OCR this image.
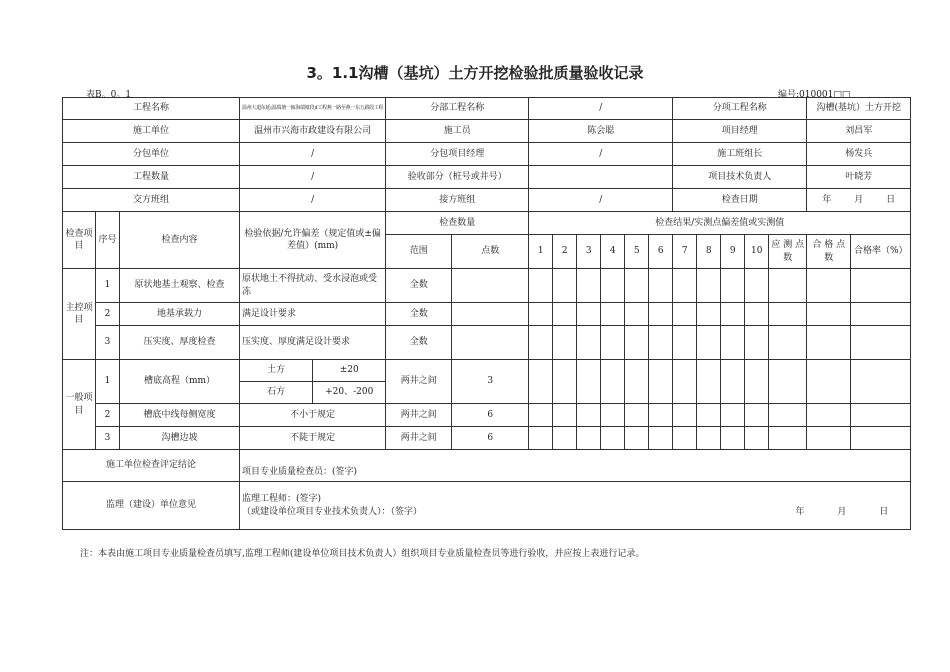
3。1.1沟槽（基坑）土方开挖检验批质量验收记录
表B。0。1	编号:010001□□
工程名称			温州大道东延(温瑞塘一瓯海瑞塘段)I工程燕一路至燕一东五路段工程	分部工程名称		/						分项工程名称					沟槽(基坑）土方开挖	
施工单位			温州市兴海市政建设有限公司	施工员		陈会聪						项目经理					刘昌军	
分包单位			/	分包项目经理		/						施工班组长					杨发兵	
工程数量			/	验收部分（桩号或井号）								项目技术负责人					叶晓芳	
交方班组			/	接方班组		/						检查日期					年 月 日	
检查项目	序号	检查内容	检验依据/允许偏差（规定值或±偏差值）(mm)	检查数量		检查结果/实测点偏差值或实测值												
				范围	点数	1	2	3	4	5	6	7	8	9	10	应 测 点 数	合 格 点 数	合格率（%）
主控项目	1	原状地基土观察、检查	原状地土不得扰动、受水浸泡或受冻	全数														
	2	地基承载力	满足设计要求	全数														
	3	压实度、厚度检查	压实度、厚度满足设计要求	全数														
一般项目	1	槽底高程（mm）	土方 ±20	两井之间	3													

			石方 +20、-200															

	2	槽底中线每侧宽度	不小于规定	两井之间	6													
	3	沟槽边坡	不陡于规定	两井之间	6													
施工单位检查评定结论			项目专业质量检查员：(签字)															
监理（建设）单位意见			监理工程师：(签字)
（或建设单位项目专业技术负责人）：（签字） 年 月 日															
注：本表由施工项目专业质量检查员填写,监理工程师(建设单位项目技术负责人）组织项目专业质量检查员等进行验收，并应按上表进行记录。
